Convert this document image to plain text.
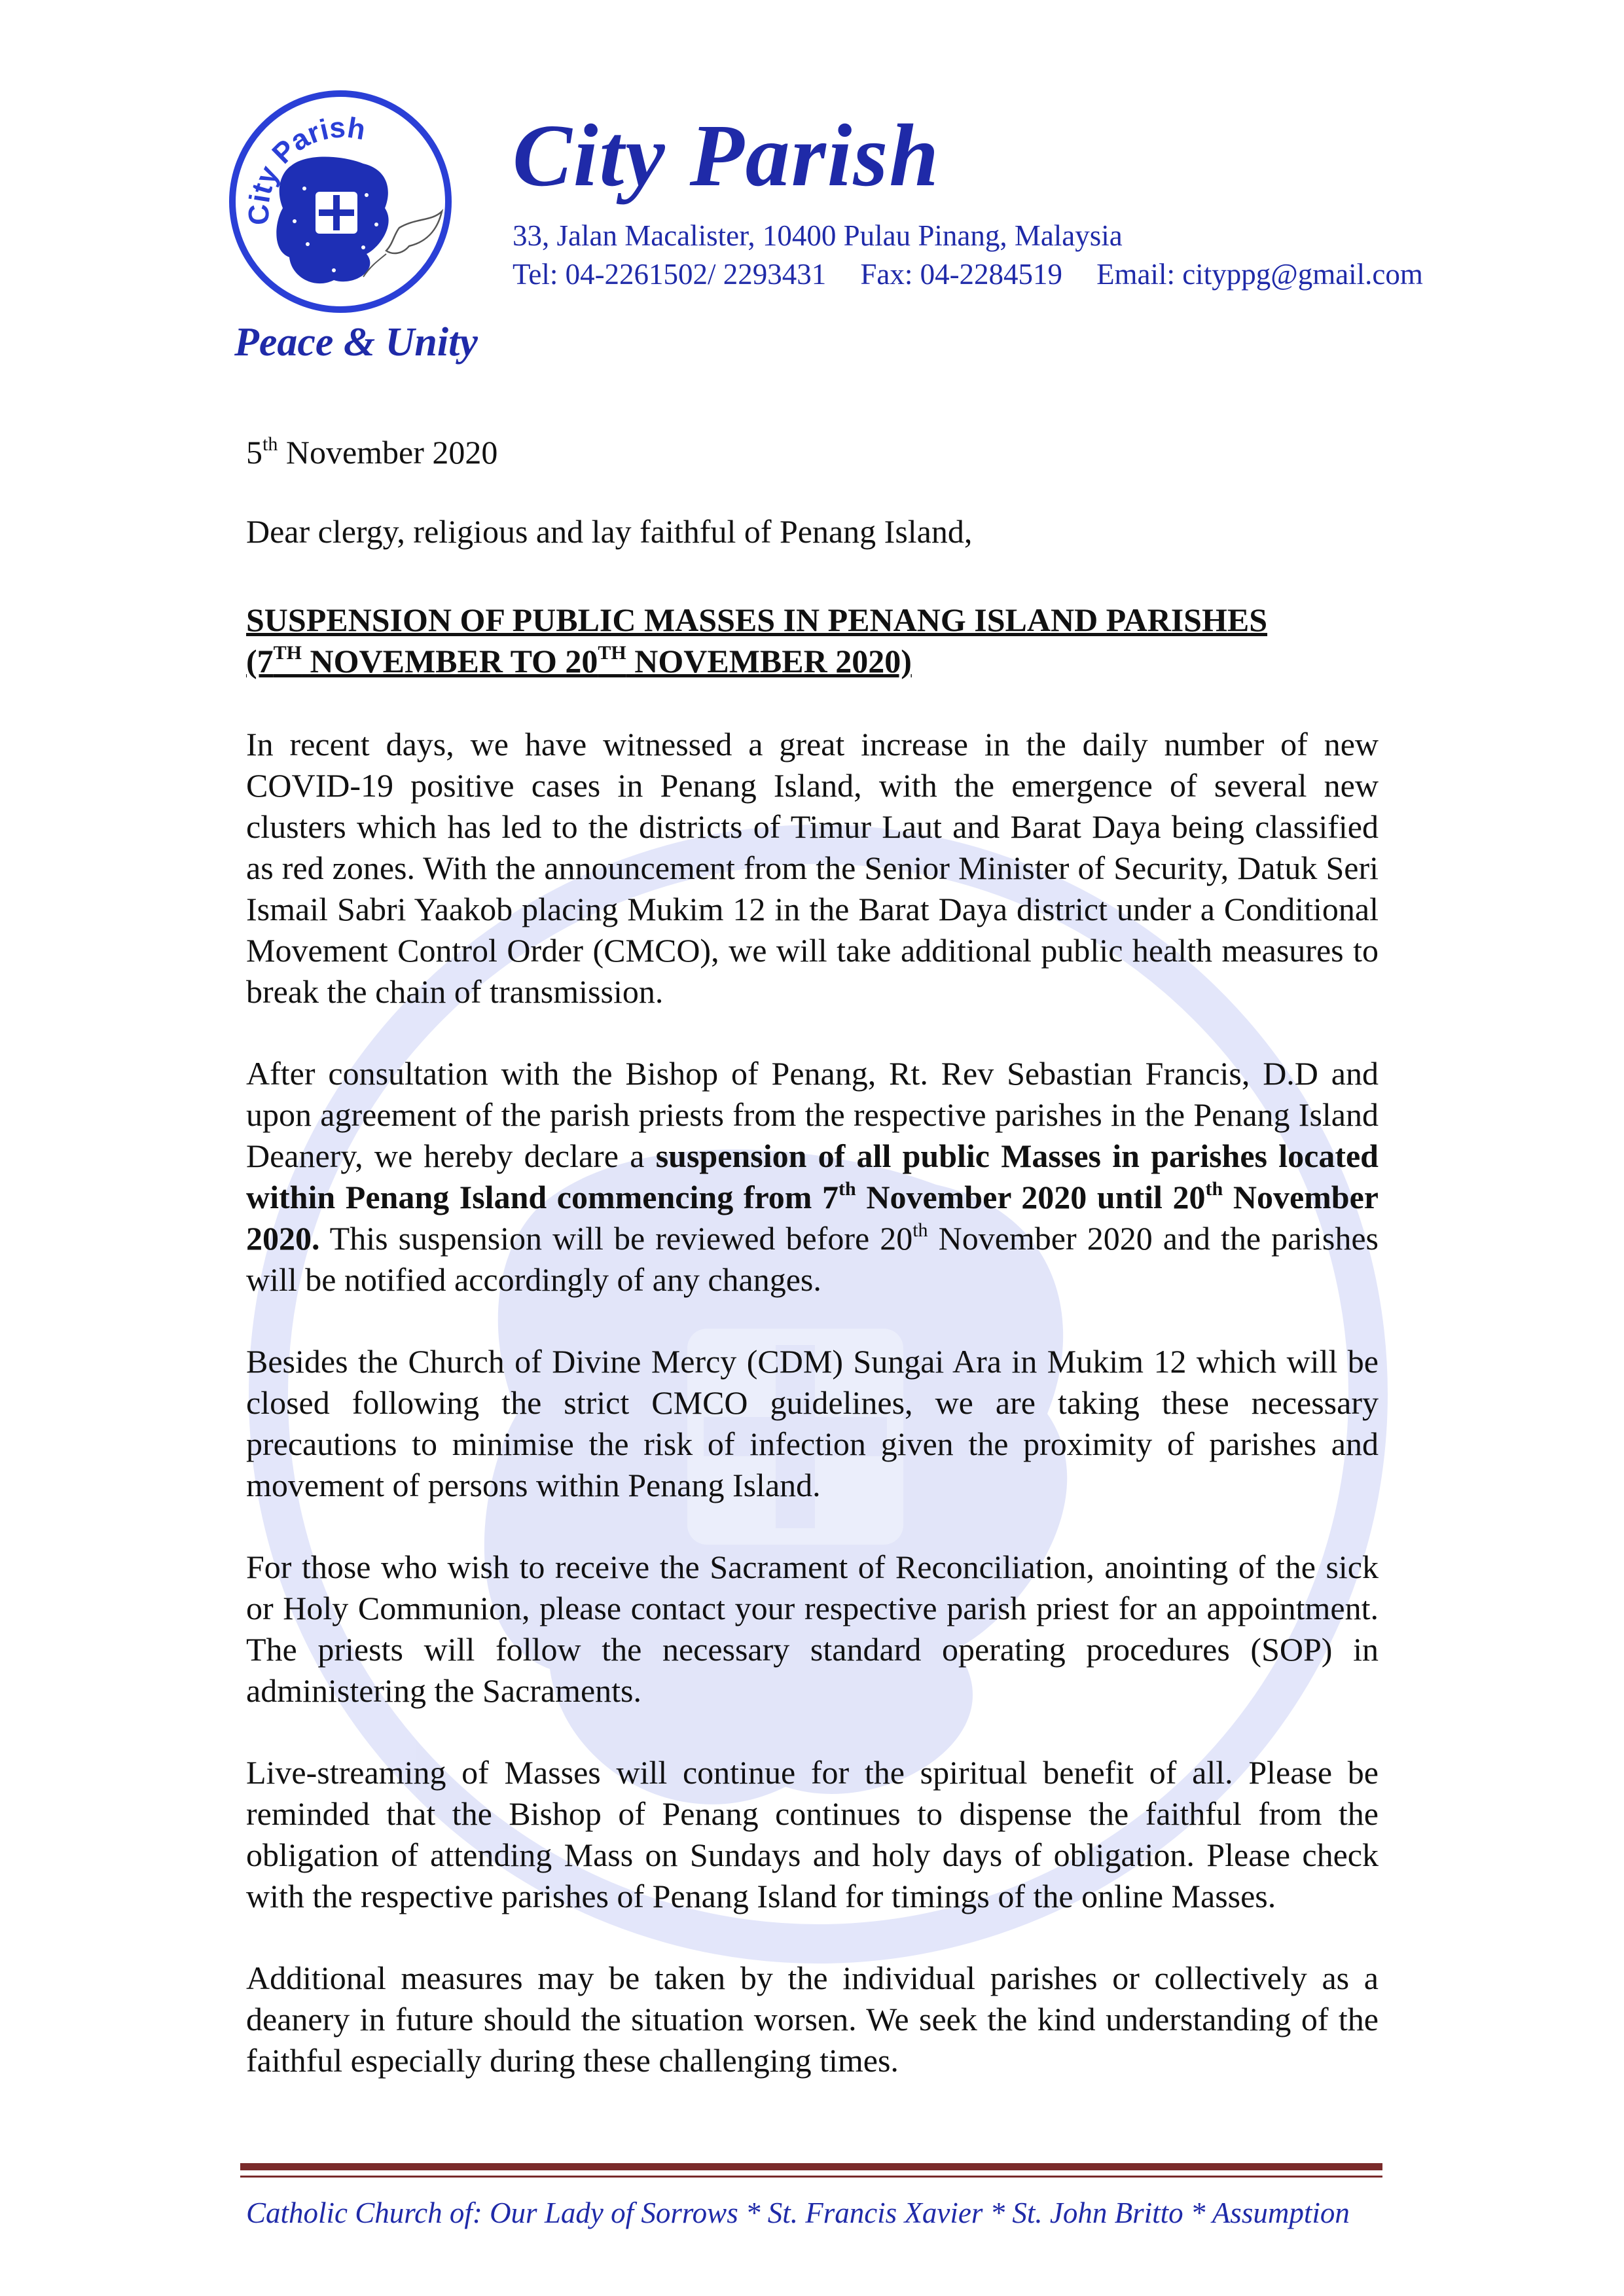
City Parish
Peace & Unity
City Parish
33, Jalan Macalister, 10400 Pulau Pinang, Malaysia
Tel: 04-2261502/ 2293431 Fax: 04-2284519 Email: cityppg@gmail.com

5th November 2020

Dear clergy, religious and lay faithful of Penang Island,

SUSPENSION OF PUBLIC MASSES IN PENANG ISLAND PARISHES
(7TH NOVEMBER TO 20TH NOVEMBER 2020)

In recent days, we have witnessed a great increase in the daily number of new COVID-19 positive cases in Penang Island, with the emergence of several new clusters which has led to the districts of Timur Laut and Barat Daya being classified as red zones. With the announcement from the Senior Minister of Security, Datuk Seri Ismail Sabri Yaakob placing Mukim 12 in the Barat Daya district under a Conditional Movement Control Order (CMCO), we will take additional public health measures to break the chain of transmission.

After consultation with the Bishop of Penang, Rt. Rev Sebastian Francis, D.D and upon agreement of the parish priests from the respective parishes in the Penang Island Deanery, we hereby declare a suspension of all public Masses in parishes located within Penang Island commencing from 7th November 2020 until 20th November 2020. This suspension will be reviewed before 20th November 2020 and the parishes will be notified accordingly of any changes.

Besides the Church of Divine Mercy (CDM) Sungai Ara in Mukim 12 which will be closed following the strict CMCO guidelines, we are taking these necessary precautions to minimise the risk of infection given the proximity of parishes and movement of persons within Penang Island.

For those who wish to receive the Sacrament of Reconciliation, anointing of the sick or Holy Communion, please contact your respective parish priest for an appointment. The priests will follow the necessary standard operating procedures (SOP) in administering the Sacraments.

Live-streaming of Masses will continue for the spiritual benefit of all. Please be reminded that the Bishop of Penang continues to dispense the faithful from the obligation of attending Mass on Sundays and holy days of obligation. Please check with the respective parishes of Penang Island for timings of the online Masses.

Additional measures may be taken by the individual parishes or collectively as a deanery in future should the situation worsen. We seek the kind understanding of the faithful especially during these challenging times.

Catholic Church of: Our Lady of Sorrows * St. Francis Xavier * St. John Britto * Assumption
